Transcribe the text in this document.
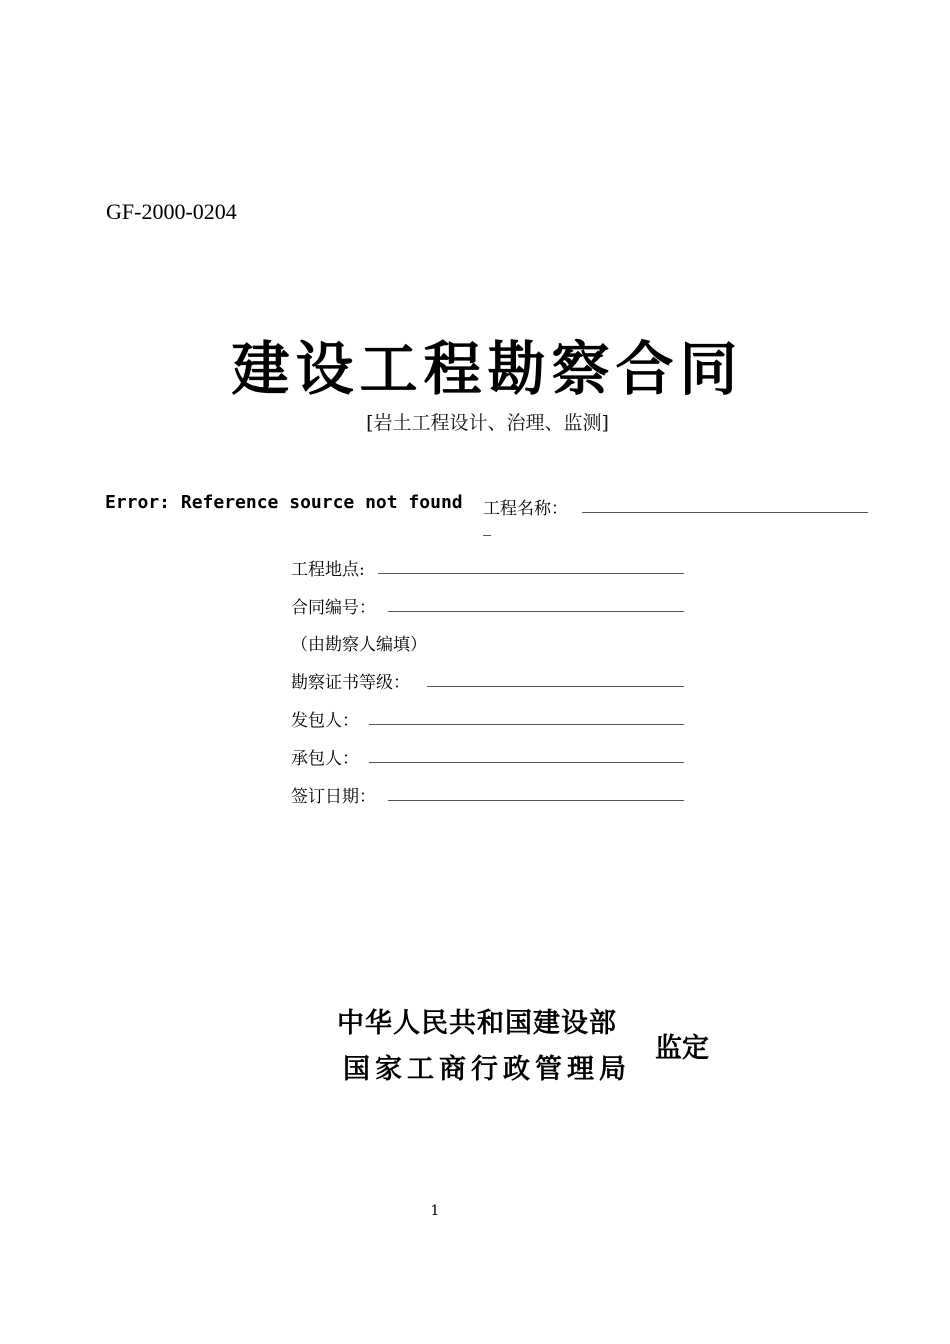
GF-2000-0204
建设工程勘察合同
[岩土工程设计、治理、监测]
Error: Reference source not found 工程名称：
工程地点:
合同编号：
（由勘察人编填）
勘察证书等级：
发包人：
承包人：
签订日期：
中华人民共和国建设部
国家工商行政管理局
监定
1
